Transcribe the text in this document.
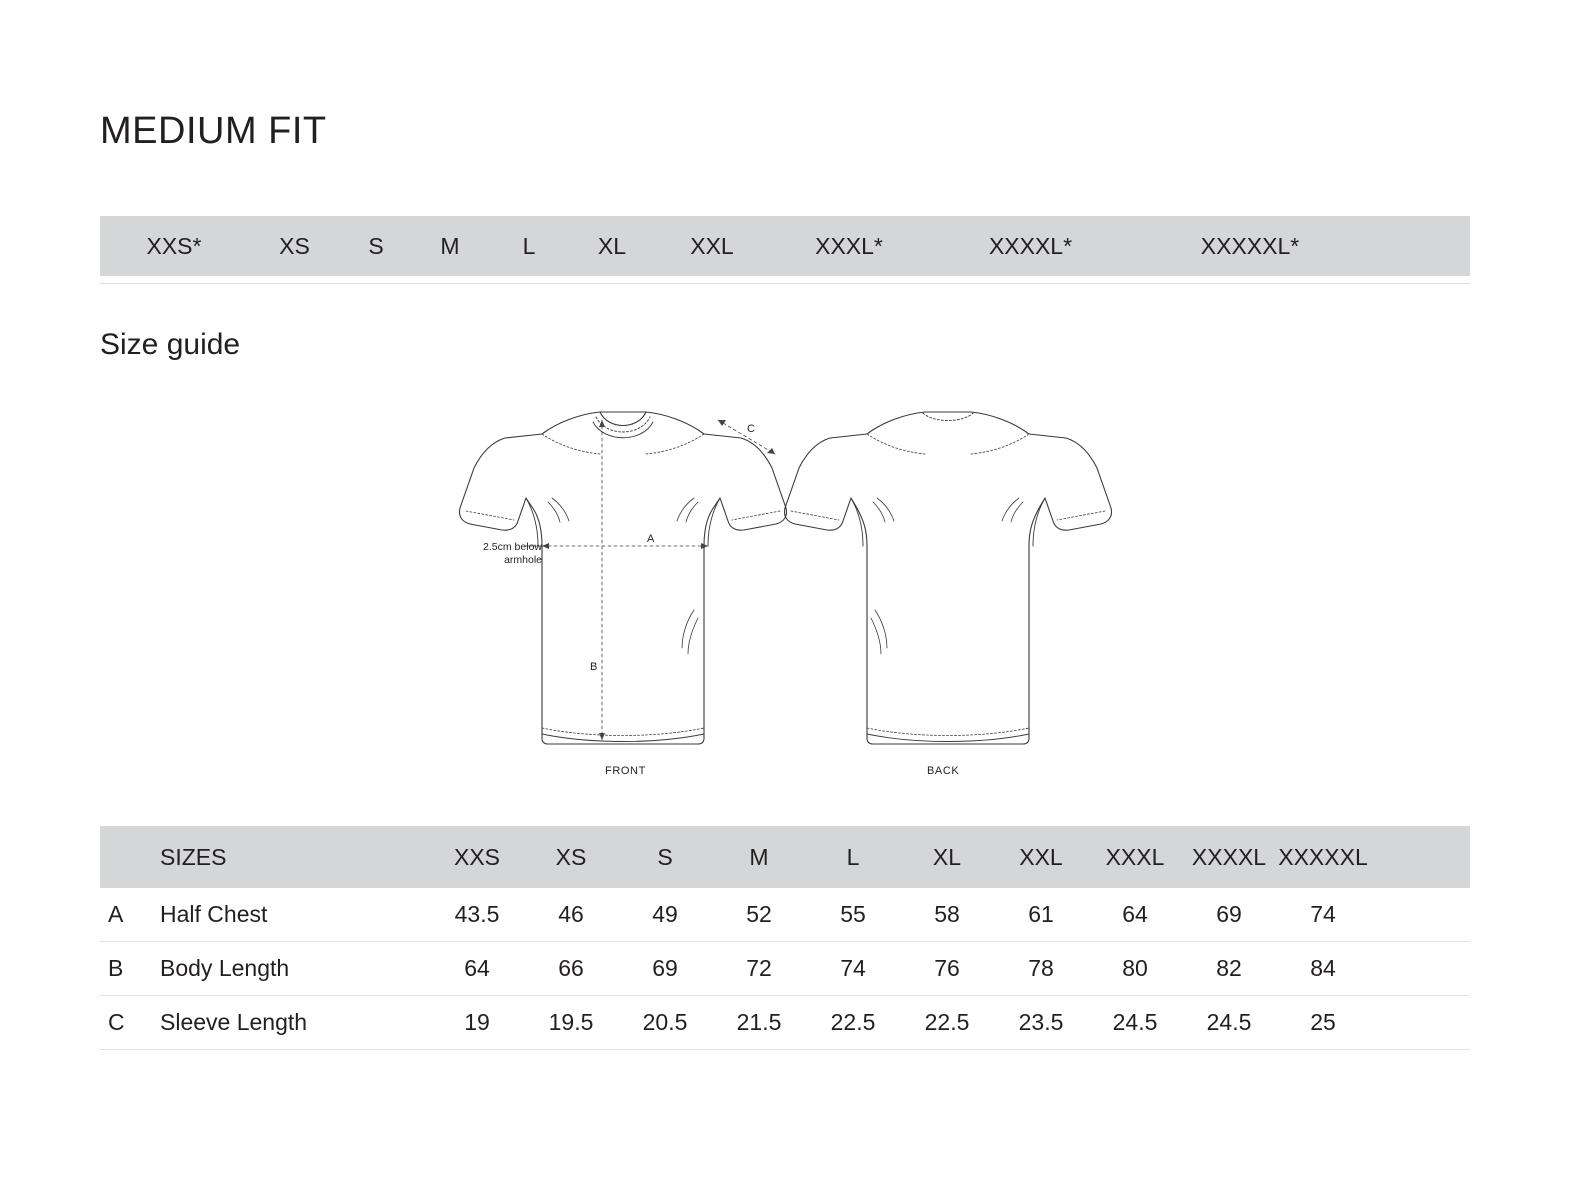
MEDIUM FIT
XXS*	XS	S	M	L	XL	XXL	XXXL*	XXXXL*	XXXXXL*
Size guide
A
B
C
2.5cm below armhole
FRONT	BACK
SIZES	XXS	XS	S	M	L	XL	XXL	XXXL	XXXXL XXXXXL
A	Half Chest	43.5	46	49	52	55	58	61	64	69	74
B	Body Length	64	66	69	72	74	76	78	80	82	84
C	Sleeve Length	19	19.5	20.5	21.5	22.5	22.5	23.5	24.5	24.5	25
